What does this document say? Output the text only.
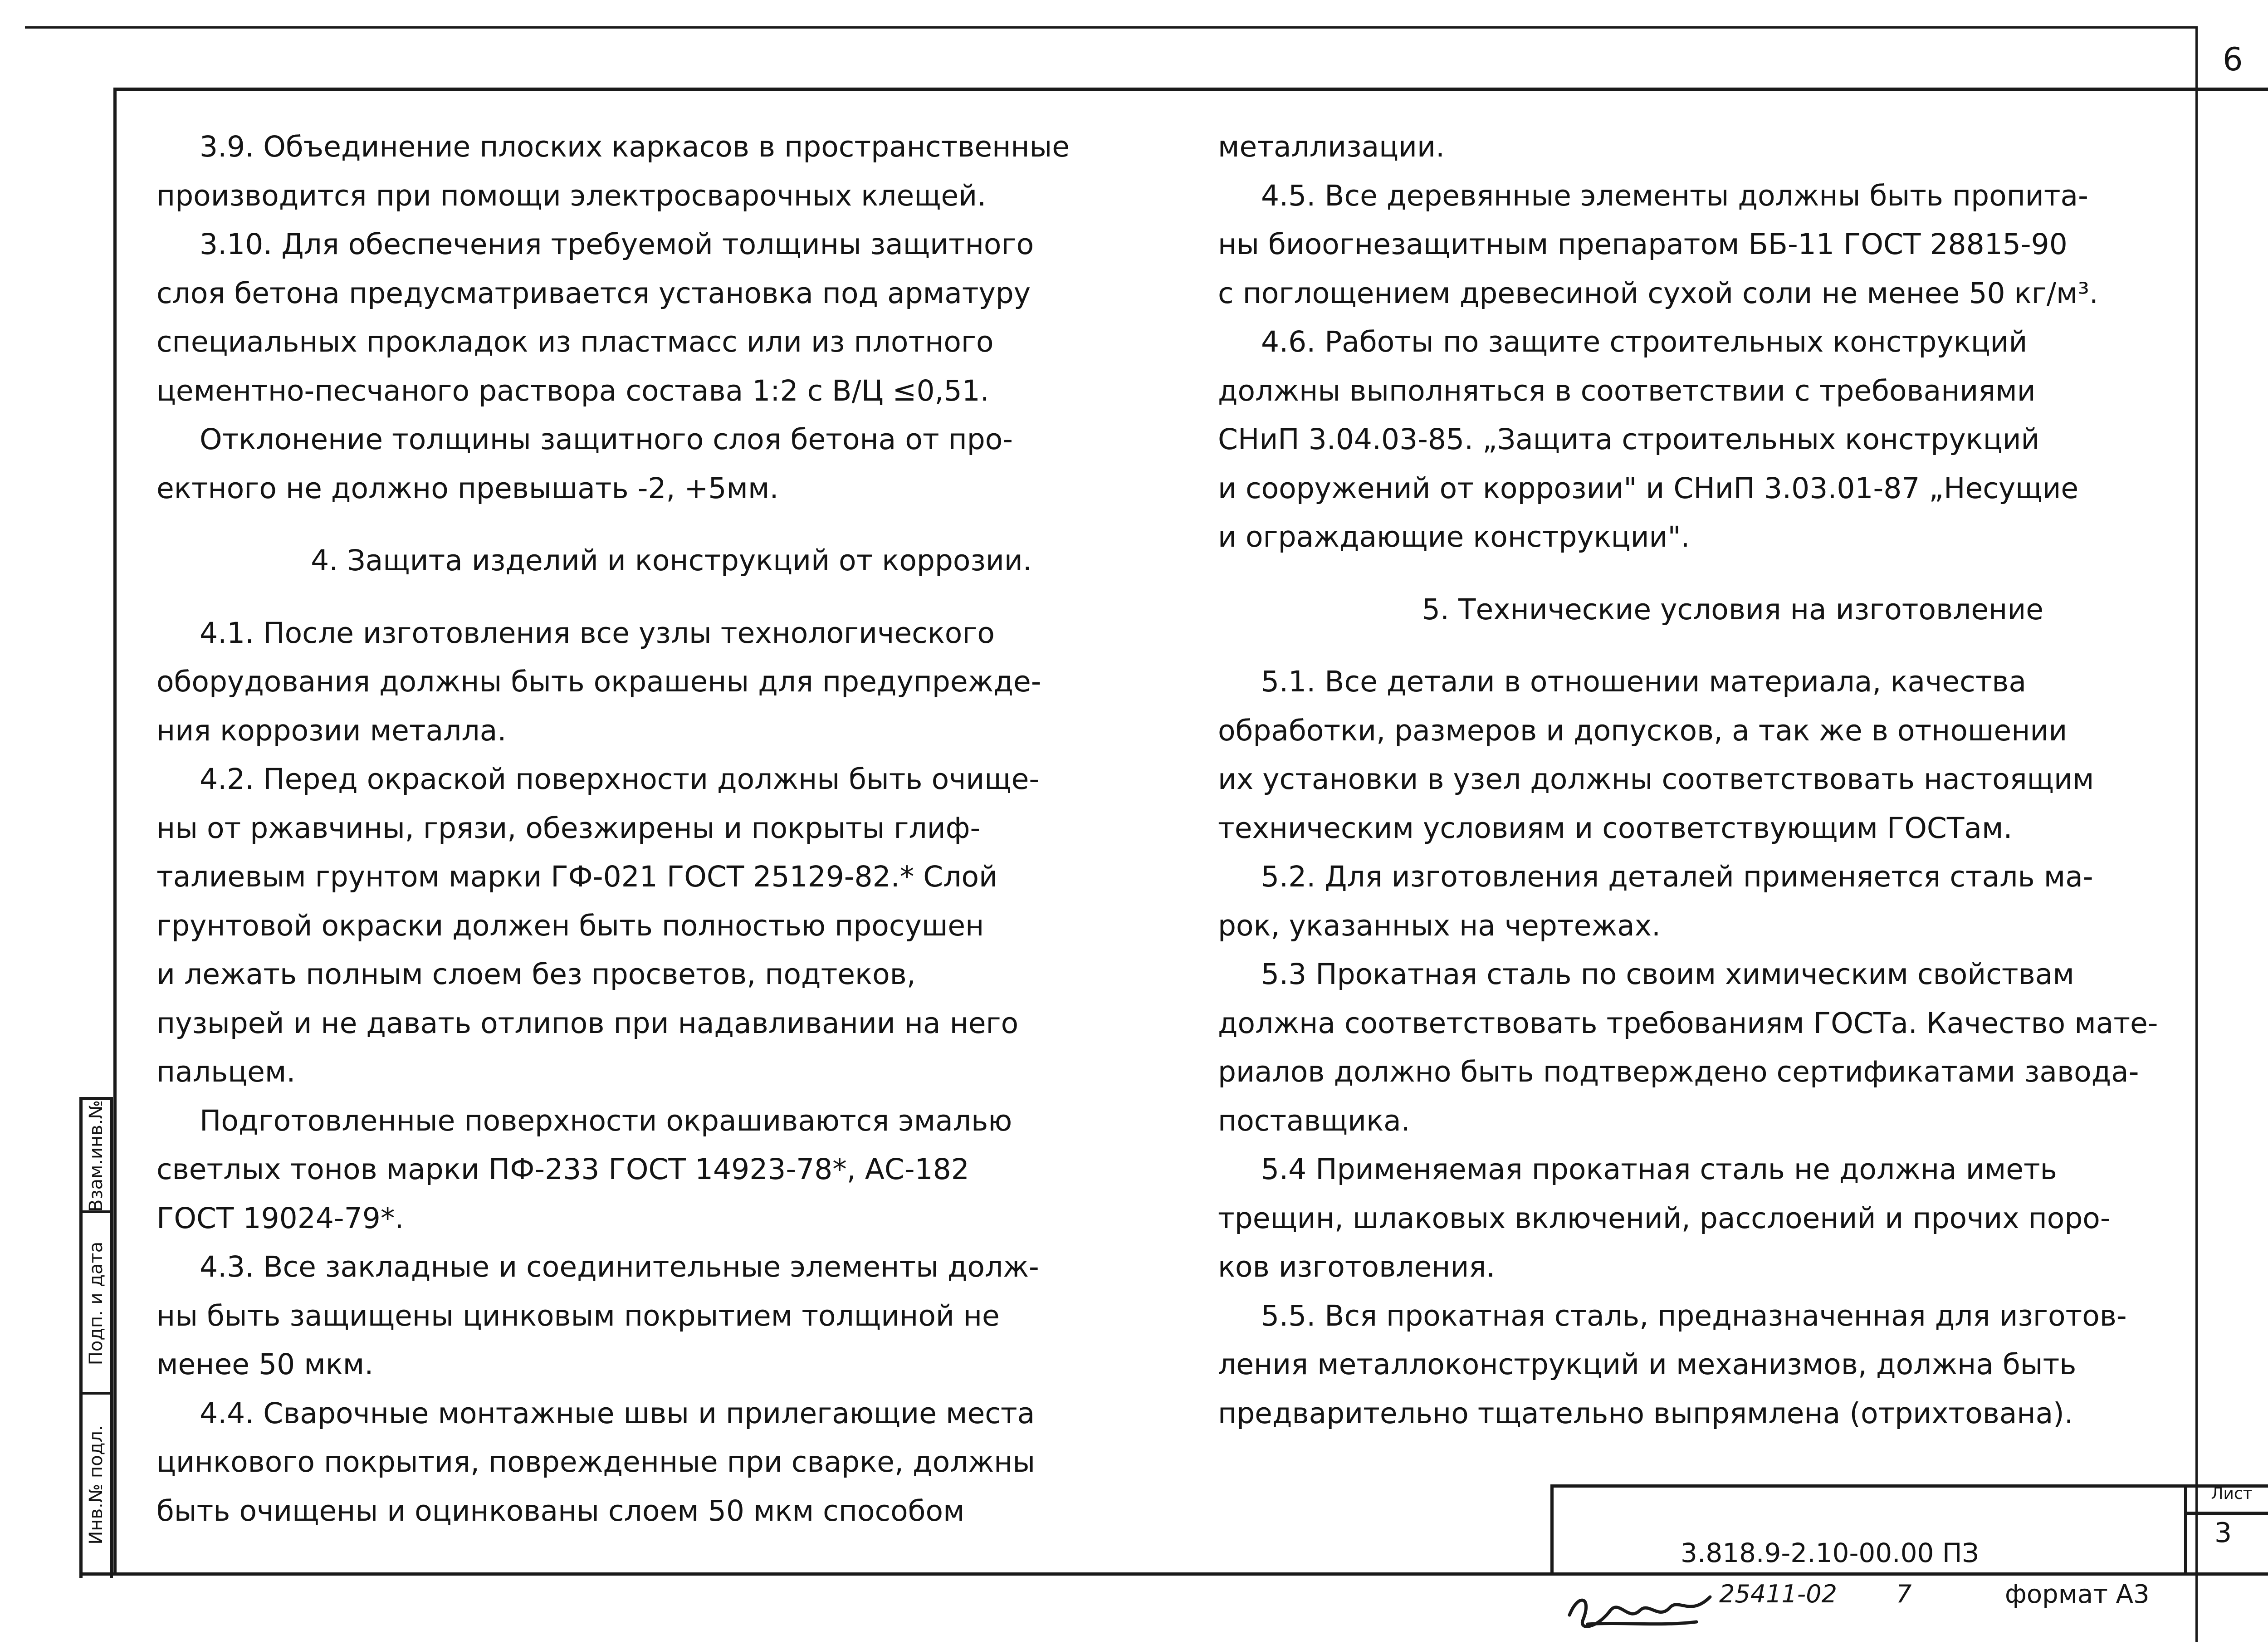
6

3.9. Объединение плоских каркасов в пространственные

производится при помощи электросварочных клещей.

3.10. Для обеспечения требуемой толщины защитного

слоя бетона предусматривается установка под арматуру

специальных прокладок из пластмасс или из плотного

цементно-песчаного раствора состава 1:2 с В/Ц ≤0,51.

Отклонение толщины защитного слоя бетона от про-

ектного не должно превышать -2, +5мм.

4. Защита изделий и конструкций от коррозии.

4.1. После изготовления все узлы технологического

оборудования должны быть окрашены для предупрежде-

ния коррозии металла.

4.2. Перед окраской поверхности должны быть очище-

ны от ржавчины, грязи, обезжирены и покрыты глиф-

талиевым грунтом марки ГФ-021 ГОСТ 25129-82.* Слой

грунтовой окраски должен быть полностью просушен

и лежать полным слоем без просветов, подтеков,

пузырей и не давать отлипов при надавливании на него

пальцем.

Подготовленные поверхности окрашиваются эмалью

светлых тонов марки ПФ-233 ГОСТ 14923-78*, АС-182

ГОСТ 19024-79*.

4.3. Все закладные и соединительные элементы долж-

ны быть защищены цинковым покрытием толщиной не

менее 50 мкм.

4.4. Сварочные монтажные швы и прилегающие места

цинкового покрытия, поврежденные при сварке, должны

быть очищены и оцинкованы слоем 50 мкм способом

металлизации.

4.5. Все деревянные элементы должны быть пропита-

ны биоогнезащитным препаратом ББ-11 ГОСТ 28815-90

с поглощением древесиной сухой соли не менее 50 кг/м³.

4.6. Работы по защите строительных конструкций

должны выполняться в соответствии с требованиями

СНиП 3.04.03-85. „Защита строительных конструкций

и сооружений от коррозии" и СНиП 3.03.01-87 „Несущие

и ограждающие конструкции".

5. Технические условия на изготовление

5.1. Все детали в отношении материала, качества

обработки, размеров и допусков, а так же в отношении

их установки в узел должны соответствовать настоящим

техническим условиям и соответствующим ГОСТам.

5.2. Для изготовления деталей применяется сталь ма-

рок, указанных на чертежах.

5.3 Прокатная сталь по своим химическим свойствам

должна соответствовать требованиям ГОСТа. Качество мате-

риалов должно быть подтверждено сертификатами завода-

поставщика.

5.4 Применяемая прокатная сталь не должна иметь

трещин, шлаковых включений, расслоений и прочих поро-

ков изготовления.

5.5. Вся прокатная сталь, предназначенная для изготов-

ления металлоконструкций и механизмов, должна быть

предварительно тщательно выпрямлена (отрихтована).

3.818.9-2.10-00.00 ПЗ
Лист
3
Инв.№ подл.
Подп. и дата
Взам.инв.№
25411-02 7	формат А3
